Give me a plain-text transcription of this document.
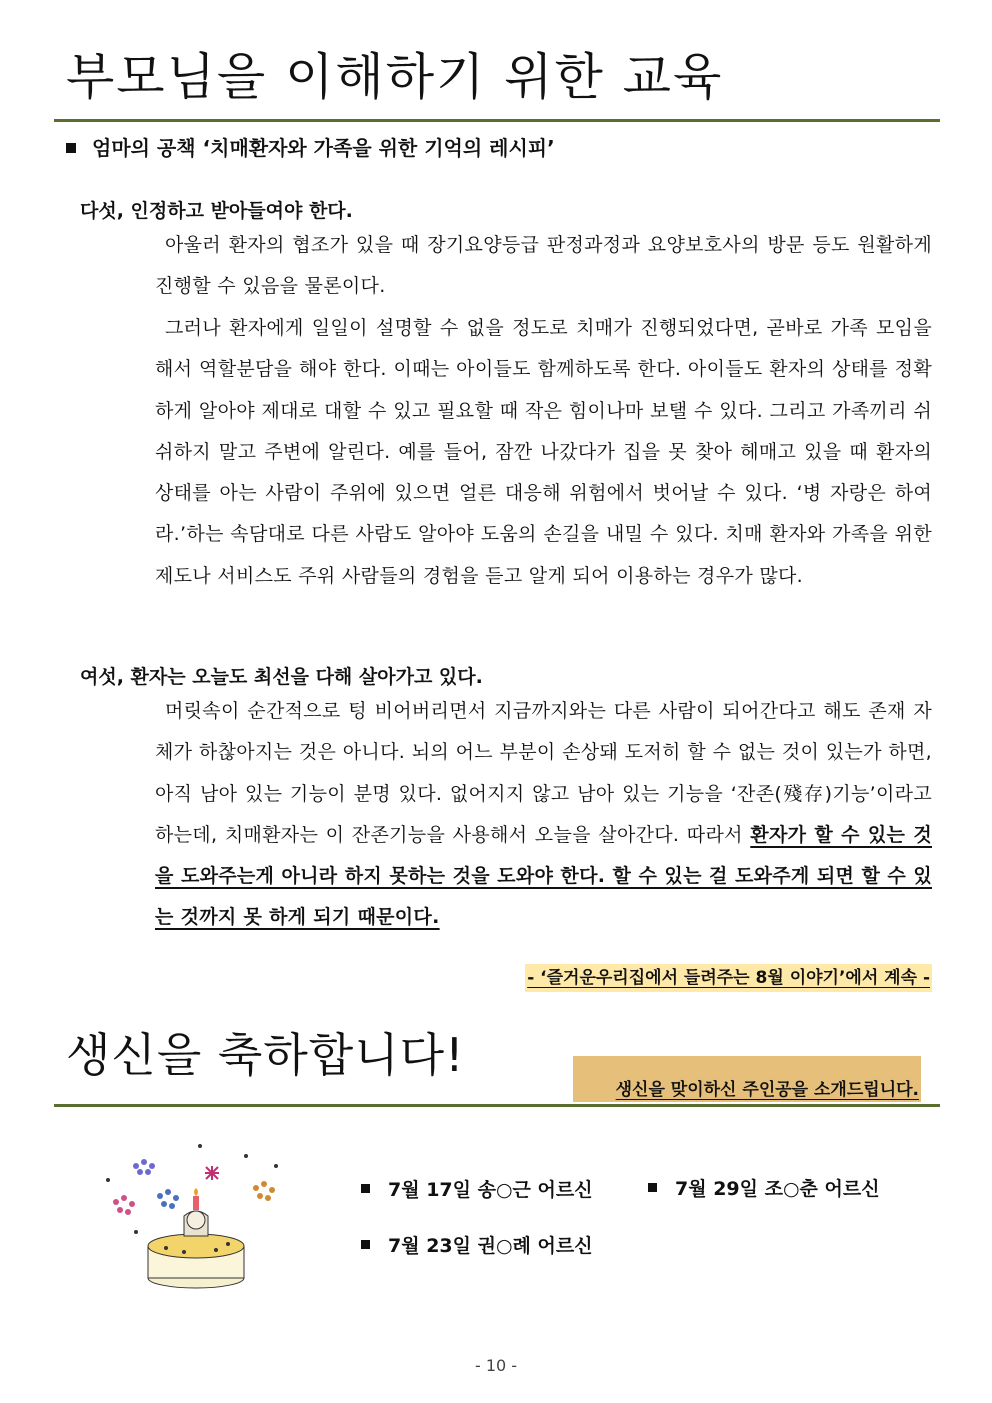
부모님을 이해하기 위한 교육
엄마의 공책 ‘치매환자와 가족을 위한 기억의 레시피’
다섯, 인정하고 받아들여야 한다.

아울러 환자의 협조가 있을 때 장기요양등급 판정과정과 요양보호사의 방문 등도 원활하게 진행할 수 있음을 물론이다.

그러나 환자에게 일일이 설명할 수 없을 정도로 치매가 진행되었다면, 곧바로 가족 모임을 해서 역할분담을 해야 한다. 이때는 아이들도 함께하도록 한다. 아이들도 환자의 상태를 정확하게 알아야 제대로 대할 수 있고 필요할 때 작은 힘이나마 보탤 수 있다. 그리고 가족끼리 쉬쉬하지 말고 주변에 알린다. 예를 들어, 잠깐 나갔다가 집을 못 찾아 헤매고 있을 때 환자의 상태를 아는 사람이 주위에 있으면 얼른 대응해 위험에서 벗어날 수 있다. ‘병 자랑은 하여라.’하는 속담대로 다른 사람도 알아야 도움의 손길을 내밀 수 있다. 치매 환자와 가족을 위한 제도나 서비스도 주위 사람들의 경험을 듣고 알게 되어 이용하는 경우가 많다.

여섯, 환자는 오늘도 최선을 다해 살아가고 있다.

머릿속이 순간적으로 텅 비어버리면서 지금까지와는 다른 사람이 되어간다고 해도 존재 자체가 하찮아지는 것은 아니다. 뇌의 어느 부분이 손상돼 도저히 할 수 없는 것이 있는가 하면, 아직 남아 있는 기능이 분명 있다. 없어지지 않고 남아 있는 기능을 ‘잔존(殘存)기능’이라고 하는데, 치매환자는 이 잔존기능을 사용해서 오늘을 살아간다. 따라서 환자가 할 수 있는 것을 도와주는게 아니라 하지 못하는 것을 도와야 한다. 할 수 있는 걸 도와주게 되면 할 수 있는 것까지 못 하게 되기 때문이다.

- ‘즐거운우리집에서 들려주는 8월 이야기’에서 계속 -
생신을 축하합니다!
생신을 맞이하신 주인공을 소개드립니다.
7월 17일 송○근 어르신	7월 29일 조○춘 어르신
7월 23일 권○례 어르신
- 10 -
